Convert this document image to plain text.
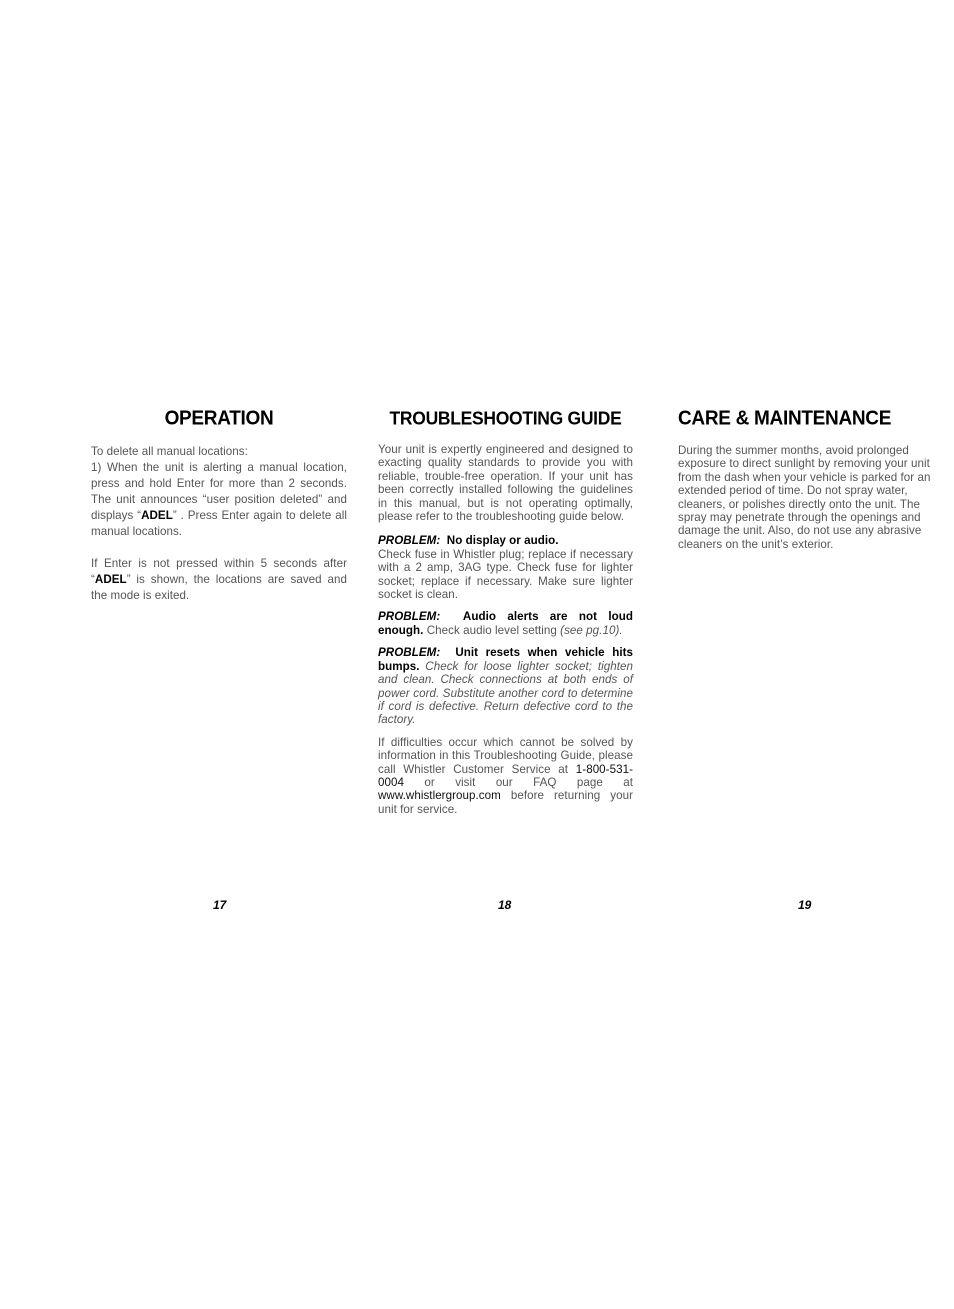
OPERATION

To delete all manual locations:

1) When the unit is alerting a manual location, press and hold Enter for more than 2 seconds. The unit announces “user position deleted” and displays “ADEL” . Press Enter again to delete all manual locations.

If Enter is not pressed within 5 seconds after “ADEL” is shown, the locations are saved and the mode is exited.

TROUBLESHOOTING GUIDE

Your unit is expertly engineered and designed to exacting quality standards to provide you with reliable, trouble-free operation. If your unit has been correctly installed following the guidelines in this manual, but is not operating optimally, please refer to the troubleshooting guide below.

PROBLEM: No display or audio.
Check fuse in Whistler plug; replace if necessary with a 2 amp, 3AG type. Check fuse for lighter socket; replace if necessary. Make sure lighter socket is clean.

PROBLEM: Audio alerts are not loud enough. Check audio level setting (see pg.10).

PROBLEM: Unit resets when vehicle hits bumps. Check for loose lighter socket; tighten and clean. Check connections at both ends of power cord. Substitute another cord to determine if cord is defective. Return defective cord to the factory.

If difficulties occur which cannot be solved by information in this Troubleshooting Guide, please call Whistler Customer Service at 1-800-531-0004 or visit our FAQ page at www.whistlergroup.com before returning your unit for service.

CARE & MAINTENANCE

During the summer months, avoid prolonged exposure to direct sunlight by removing your unit from the dash when your vehicle is parked for an extended period of time. Do not spray water, cleaners, or polishes directly onto the unit. The spray may penetrate through the openings and damage the unit. Also, do not use any abrasive cleaners on the unit’s exterior.

17	18	19
